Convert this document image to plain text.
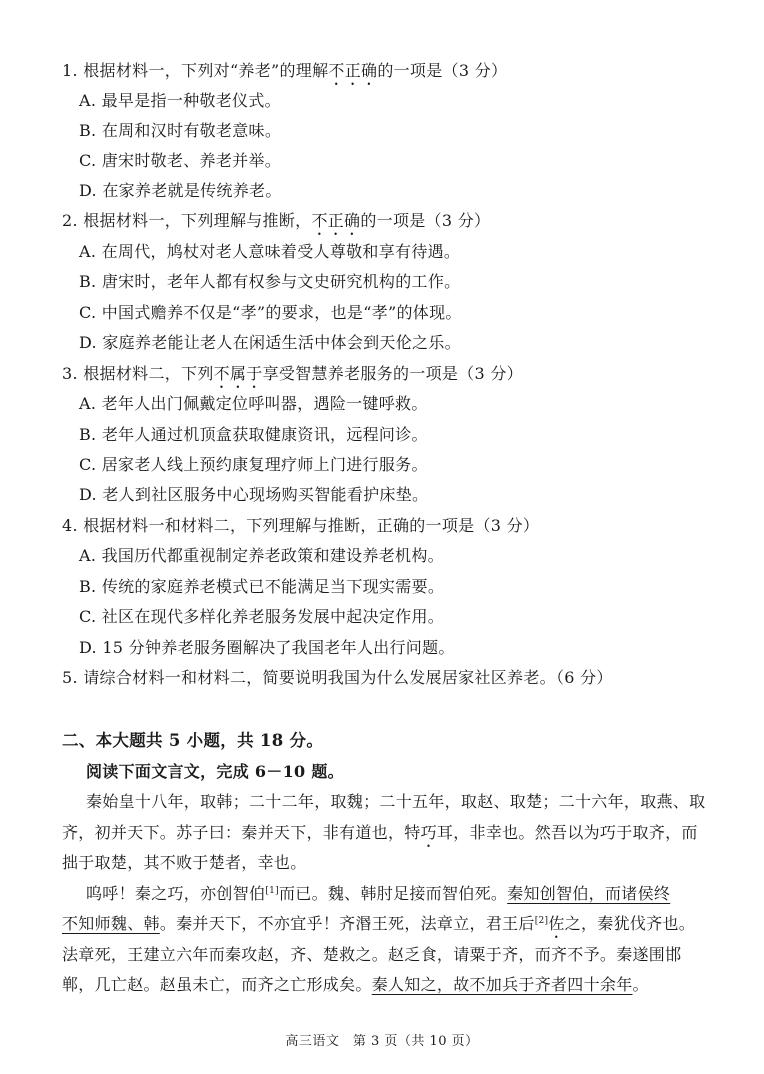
1. 根据材料一，下列对“养老”的理解不正确的一项是（3 分）
A. 最早是指一种敬老仪式。
B. 在周和汉时有敬老意味。
C. 唐宋时敬老、养老并举。
D. 在家养老就是传统养老。
2. 根据材料一，下列理解与推断，不正确的一项是（3 分）
A. 在周代，鸠杖对老人意味着受人尊敬和享有待遇。
B. 唐宋时，老年人都有权参与文史研究机构的工作。
C. 中国式赡养不仅是“孝”的要求，也是“孝”的体现。
D. 家庭养老能让老人在闲适生活中体会到天伦之乐。
3. 根据材料二，下列不属于享受智慧养老服务的一项是（3 分）
A. 老年人出门佩戴定位呼叫器，遇险一键呼救。
B. 老年人通过机顶盒获取健康资讯，远程问诊。
C. 居家老人线上预约康复理疗师上门进行服务。
D. 老人到社区服务中心现场购买智能看护床垫。
4. 根据材料一和材料二，下列理解与推断，正确的一项是（3 分）
A. 我国历代都重视制定养老政策和建设养老机构。
B. 传统的家庭养老模式已不能满足当下现实需要。
C. 社区在现代多样化养老服务发展中起决定作用。
D. 15 分钟养老服务圈解决了我国老年人出行问题。
5. 请综合材料一和材料二，简要说明我国为什么发展居家社区养老。（6 分）
二、本大题共 5 小题，共 18 分。
阅读下面文言文，完成 6－10 题。
秦始皇十八年，取韩；二十二年，取魏；二十五年，取赵、取楚；二十六年，取燕、取
齐，初并天下。苏子曰：秦并天下，非有道也，特巧耳，非幸也。然吾以为巧于取齐，而
拙于取楚，其不败于楚者，幸也。
呜呼！秦之巧，亦创智伯[1]而已。魏、韩肘足接而智伯死。秦知创智伯，而诸侯终
不知师魏、韩。秦并天下，不亦宜乎！齐湣王死，法章立，君王后[2]佐之，秦犹伐齐也。
法章死，王建立六年而秦攻赵，齐、楚救之。赵乏食，请粟于齐，而齐不予。秦遂围邯
郸，几亡赵。赵虽未亡，而齐之亡形成矣。秦人知之，故不加兵于齐者四十余年。
高三语文　第 3 页（共 10 页）
